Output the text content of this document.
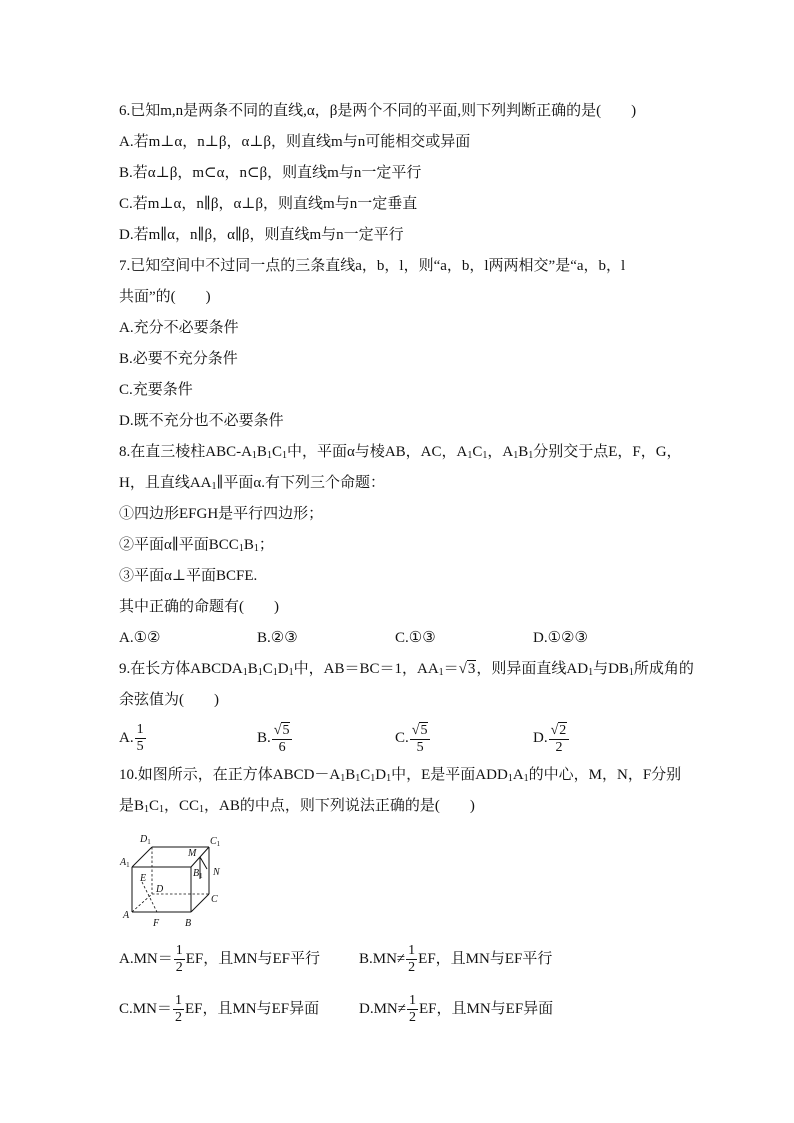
6.已知m,n是两条不同的直线,α，β是两个不同的平面,则下列判断正确的是(　　)
A.若m⊥α，n⊥β，α⊥β，则直线m与n可能相交或异面
B.若α⊥β，m⊂α，n⊂β，则直线m与n一定平行
C.若m⊥α，n∥β，α⊥β，则直线m与n一定垂直
D.若m∥α，n∥β，α∥β，则直线m与n一定平行
7.已知空间中不过同一点的三条直线a，b，l，则“a，b，l两两相交”是“a，b，l
共面”的(　　)
A.充分不必要条件
B.必要不充分条件
C.充要条件
D.既不充分也不必要条件
8.在直三棱柱ABC-$A_1B_1C_1$中，平面α与棱AB，AC，$A_1C_1$，$A_1B_1$分别交于点E，F，G，
H，且直线$AA_1\parallel$平面α.有下列三个命题：
①四边形EFGH是平行四边形；
②平面α∥平面$BCC_1B_1$；
③平面α⊥平面BCFE.
其中正确的命题有(　　)
A.①②	B.②③	C.①③	D.①②③
9.在长方体$ABCDA_1B_1C_1D_1$中，AB＝BC＝1，$AA_1=√3$，则异面直线$AD_1$与$DB_1$所成角的
余弦值为(　　)
A. $\frac{1}{5}$	B. $\frac{√5}{6}$	C. $\frac{√5}{5}$	D. $\frac{√2}{2}$
10.如图所示，在正方体$ABCD-A_1B_1C_1D_1$中，E是平面$ADD_1A_1$的中心，M，N，F分别
是$B_1C_1$，$CC_1$，AB的中点，则下列说法正确的是(　　)
$A.MN= \frac{1}{2}$ EF，且MN与EF平行	$B.MN\ne \frac{1}{2}$ EF，且MN与EF平行
$C.MN= \frac{1}{2}$ EF，且MN与EF异面	$D.MN\ne \frac{1}{2}$ EF，且MN与EF异面
$D_1$	$C_1$
$A_1$
M
$B_1$ N
E
D
C
A
F	B
